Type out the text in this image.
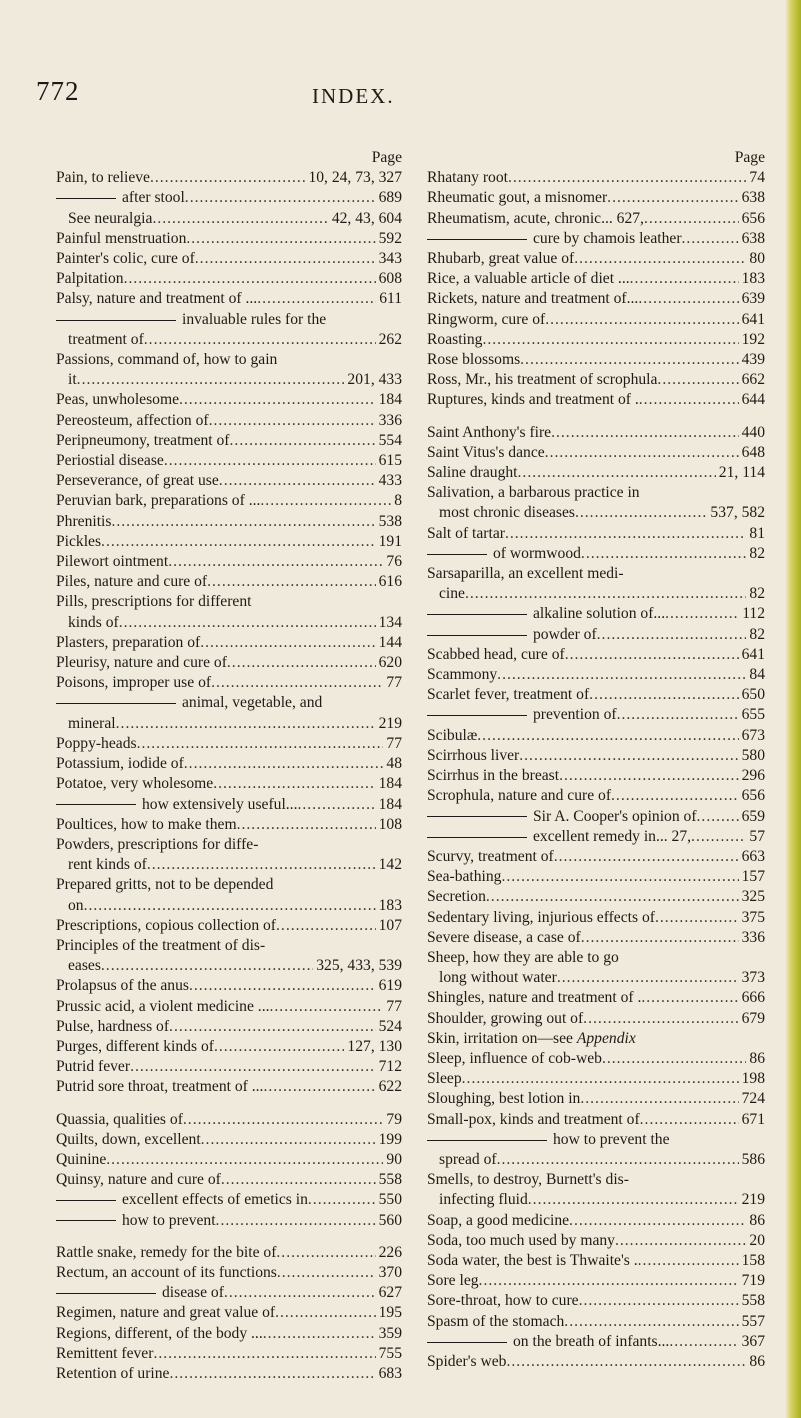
772	INDEX.
Page
Pain, to relieve .....	10, 24, 73, 327
after stool .....	689
See neuralgia .....	42, 43, 604
Painful menstruation .....	592
Painter's colic, cure of .....	343
Palpitation .....	608
Palsy, nature and treatment of ... .....	611
invaluable rules for the
treatment of .....	262
Passions, command of, how to gain
it .....	201, 433
Peas, unwholesome .....	184
Pereosteum, affection of .....	336
Peripneumony, treatment of .....	554
Periostial disease .....	615
Perseverance, of great use .....	433
Peruvian bark, preparations of ... .....	8
Phrenitis .....	538
Pickles .....	191
Pilewort ointment .....	76
Piles, nature and cure of .....	616
Pills, prescriptions for different
kinds of .....	134
Plasters, preparation of .....	144
Pleurisy, nature and cure of .....	620
Poisons, improper use of .....	77
animal, vegetable, and
mineral .....	219
Poppy-heads .....	77
Potassium, iodide of .....	48
Potatoe, very wholesome .....	184
how extensively useful... .....	184
Poultices, how to make them .....	108
Powders, prescriptions for diffe-
rent kinds of .....	142
Prepared gritts, not to be depended
on .....	183
Prescriptions, copious collection of .....	107
Principles of the treatment of dis-
eases .....	325, 433, 539
Prolapsus of the anus .....	619
Prussic acid, a violent medicine ... .....	77
Pulse, hardness of .....	524
Purges, different kinds of .....	127, 130
Putrid fever .....	712
Putrid sore throat, treatment of ... .....	622
Quassia, qualities of .....	79
Quilts, down, excellent .....	199
Quinine .....	90
Quinsy, nature and cure of .....	558
excellent effects of emetics in .....	550
how to prevent .....	560
Rattle snake, remedy for the bite of .....	226
Rectum, an account of its functions .....	370
disease of .....	627
Regimen, nature and great value of .....	195
Regions, different, of the body ... .....	359
Remittent fever .....	755
Retention of urine .....	683
Page
Rhatany root .....	74
Rheumatic gout, a misnomer .....	638
Rheumatism, acute, chronic... 627, .....	656
cure by chamois leather .....	638
Rhubarb, great value of .....	80
Rice, a valuable article of diet ... .....	183
Rickets, nature and treatment of... .....	639
Ringworm, cure of .....	641
Roasting .....	192
Rose blossoms .....	439
Ross, Mr., his treatment of scrophula .....	662
Ruptures, kinds and treatment of . .....	644
Saint Anthony's fire .....	440
Saint Vitus's dance .....	648
Saline draught .....	21, 114
Salivation, a barbarous practice in
most chronic diseases .....	537, 582
Salt of tartar .....	81
of wormwood .....	82
Sarsaparilla, an excellent medi-
cine .....	82
alkaline solution of... .....	112
powder of .....	82
Scabbed head, cure of .....	641
Scammony .....	84
Scarlet fever, treatment of .....	650
prevention of .....	655
Scibulæ .....	673
Scirrhous liver .....	580
Scirrhus in the breast .....	296
Scrophula, nature and cure of .....	656
Sir A. Cooper's opinion of .....	659
excellent remedy in... 27, .....	57
Scurvy, treatment of .....	663
Sea-bathing .....	157
Secretion .....	325
Sedentary living, injurious effects of .....	375
Severe disease, a case of .....	336
Sheep, how they are able to go
long without water .....	373
Shingles, nature and treatment of . .....	666
Shoulder, growing out of .....	679
Skin, irritation on—see Appendix
Sleep, influence of cob-web .....	86
Sleep .....	198
Sloughing, best lotion in .....	724
Small-pox, kinds and treatment of .....	671
how to prevent the
spread of .....	586
Smells, to destroy, Burnett's dis-
infecting fluid .....	219
Soap, a good medicine .....	86
Soda, too much used by many .....	20
Soda water, the best is Thwaite's . .....	158
Sore leg .....	719
Sore-throat, how to cure .....	558
Spasm of the stomach .....	557
on the breath of infants... .....	367
Spider's web .....	86
